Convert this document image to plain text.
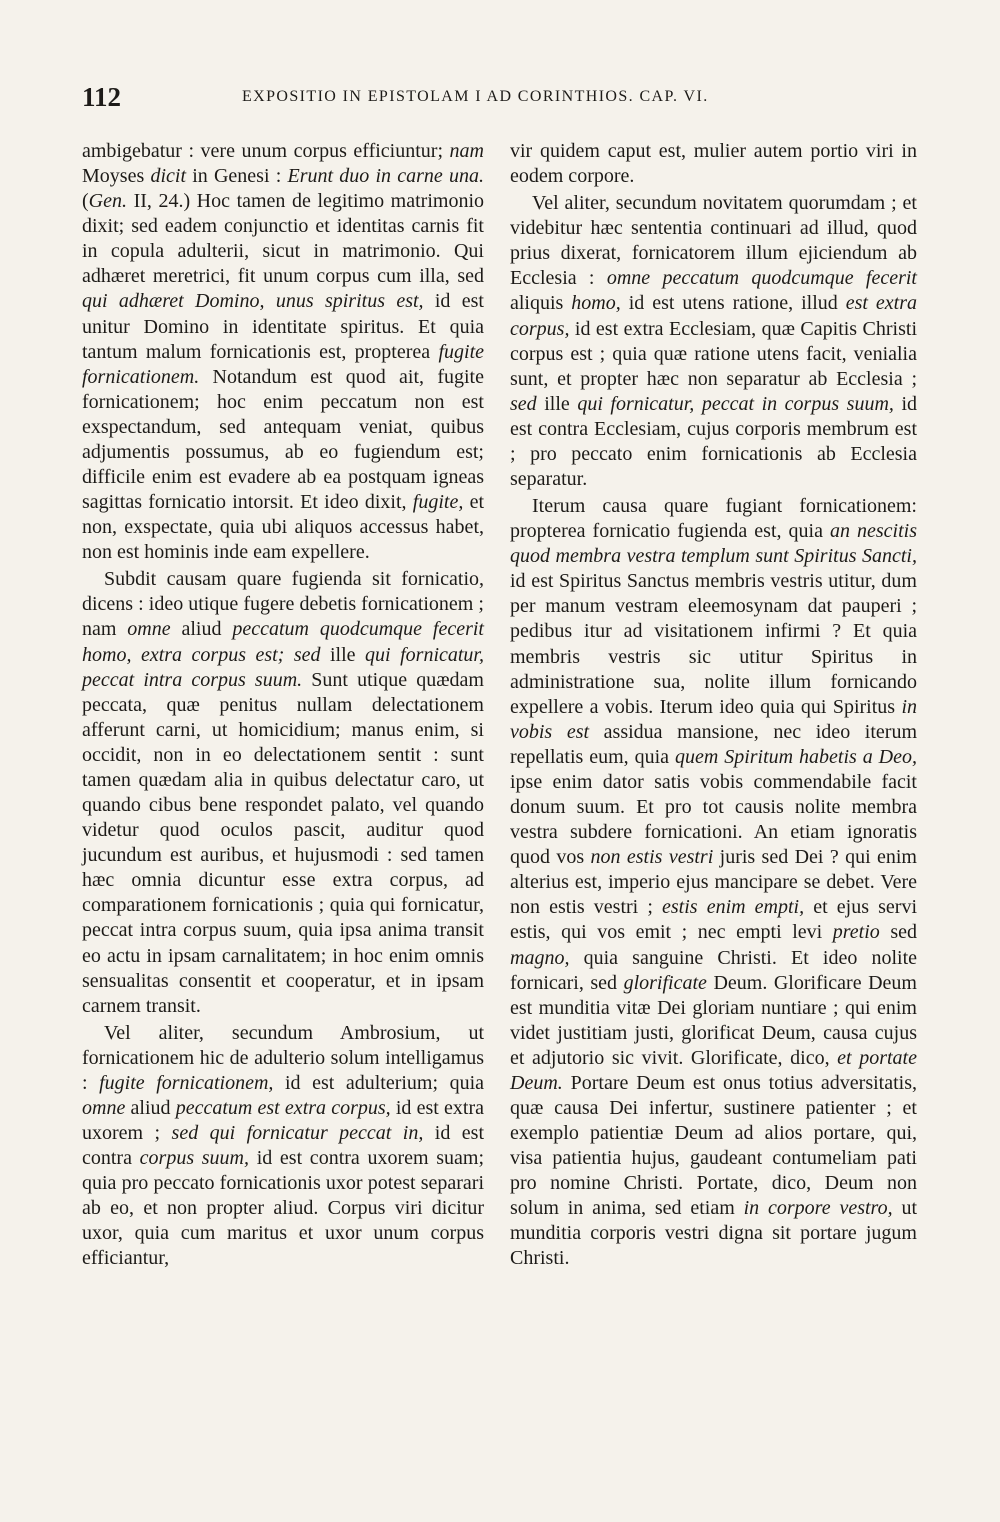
112	EXPOSITIO IN EPISTOLAM I AD CORINTHIOS. CAP. VI.

ambigebatur : vere unum corpus efficiuntur; nam Moyses dicit in Genesi : Erunt duo in carne una. (Gen. II, 24.) Hoc tamen de legitimo matrimonio dixit; sed eadem conjunctio et identitas carnis fit in copula adulterii, sicut in matrimonio. Qui adhæret meretrici, fit unum corpus cum illa, sed qui adhæret Domino, unus spiritus est, id est unitur Domino in identitate spiritus. Et quia tantum malum fornicationis est, propterea fugite fornicationem. Notandum est quod ait, fugite fornicationem; hoc enim peccatum non est exspectandum, sed antequam veniat, quibus adjumentis possumus, ab eo fugiendum est; difficile enim est evadere ab ea postquam igneas sagittas fornicatio intorsit. Et ideo dixit, fugite, et non, exspectate, quia ubi aliquos accessus habet, non est hominis inde eam expellere.

Subdit causam quare fugienda sit fornicatio, dicens : ideo utique fugere debetis fornicationem ; nam omne aliud peccatum quodcumque fecerit homo, extra corpus est; sed ille qui fornicatur, peccat intra corpus suum. Sunt utique quædam peccata, quæ penitus nullam delectationem afferunt carni, ut homicidium; manus enim, si occidit, non in eo delectationem sentit : sunt tamen quædam alia in quibus delectatur caro, ut quando cibus bene respondet palato, vel quando videtur quod oculos pascit, auditur quod jucundum est auribus, et hujusmodi : sed tamen hæc omnia dicuntur esse extra corpus, ad comparationem fornicationis ; quia qui fornicatur, peccat intra corpus suum, quia ipsa anima transit eo actu in ipsam carnalitatem; in hoc enim omnis sensualitas consentit et cooperatur, et in ipsam carnem transit.

Vel aliter, secundum Ambrosium, ut fornicationem hic de adulterio solum intelligamus : fugite fornicationem, id est adulterium; quia omne aliud peccatum est extra corpus, id est extra uxorem ; sed qui fornicatur peccat in, id est contra corpus suum, id est contra uxorem suam; quia pro peccato fornicationis uxor potest separari ab eo, et non propter aliud. Corpus viri dicitur uxor, quia cum maritus et uxor unum corpus efficiantur,

vir quidem caput est, mulier autem portio viri in eodem corpore.

Vel aliter, secundum novitatem quorumdam ; et videbitur hæc sententia continuari ad illud, quod prius dixerat, fornicatorem illum ejiciendum ab Ecclesia : omne peccatum quodcumque fecerit aliquis homo, id est utens ratione, illud est extra corpus, id est extra Ecclesiam, quæ Capitis Christi corpus est ; quia quæ ratione utens facit, venialia sunt, et propter hæc non separatur ab Ecclesia ; sed ille qui fornicatur, peccat in corpus suum, id est contra Ecclesiam, cujus corporis membrum est ; pro peccato enim fornicationis ab Ecclesia separatur.

Iterum causa quare fugiant fornicationem: propterea fornicatio fugienda est, quia an nescitis quod membra vestra templum sunt Spiritus Sancti, id est Spiritus Sanctus membris vestris utitur, dum per manum vestram eleemosynam dat pauperi ; pedibus itur ad visitationem infirmi ? Et quia membris vestris sic utitur Spiritus in administratione sua, nolite illum fornicando expellere a vobis. Iterum ideo quia qui Spiritus in vobis est assidua mansione, nec ideo iterum repellatis eum, quia quem Spiritum habetis a Deo, ipse enim dator satis vobis commendabile facit donum suum. Et pro tot causis nolite membra vestra subdere fornicationi. An etiam ignoratis quod vos non estis vestri juris sed Dei ? qui enim alterius est, imperio ejus mancipare se debet. Vere non estis vestri ; estis enim empti, et ejus servi estis, qui vos emit ; nec empti levi pretio sed magno, quia sanguine Christi. Et ideo nolite fornicari, sed glorificate Deum. Glorificare Deum est munditia vitæ Dei gloriam nuntiare ; qui enim videt justitiam justi, glorificat Deum, causa cujus et adjutorio sic vivit. Glorificate, dico, et portate Deum. Portare Deum est onus totius adversitatis, quæ causa Dei infertur, sustinere patienter ; et exemplo patientiæ Deum ad alios portare, qui, visa patientia hujus, gaudeant contumeliam pati pro nomine Christi. Portate, dico, Deum non solum in anima, sed etiam in corpore vestro, ut munditia corporis vestri digna sit portare jugum Christi.
